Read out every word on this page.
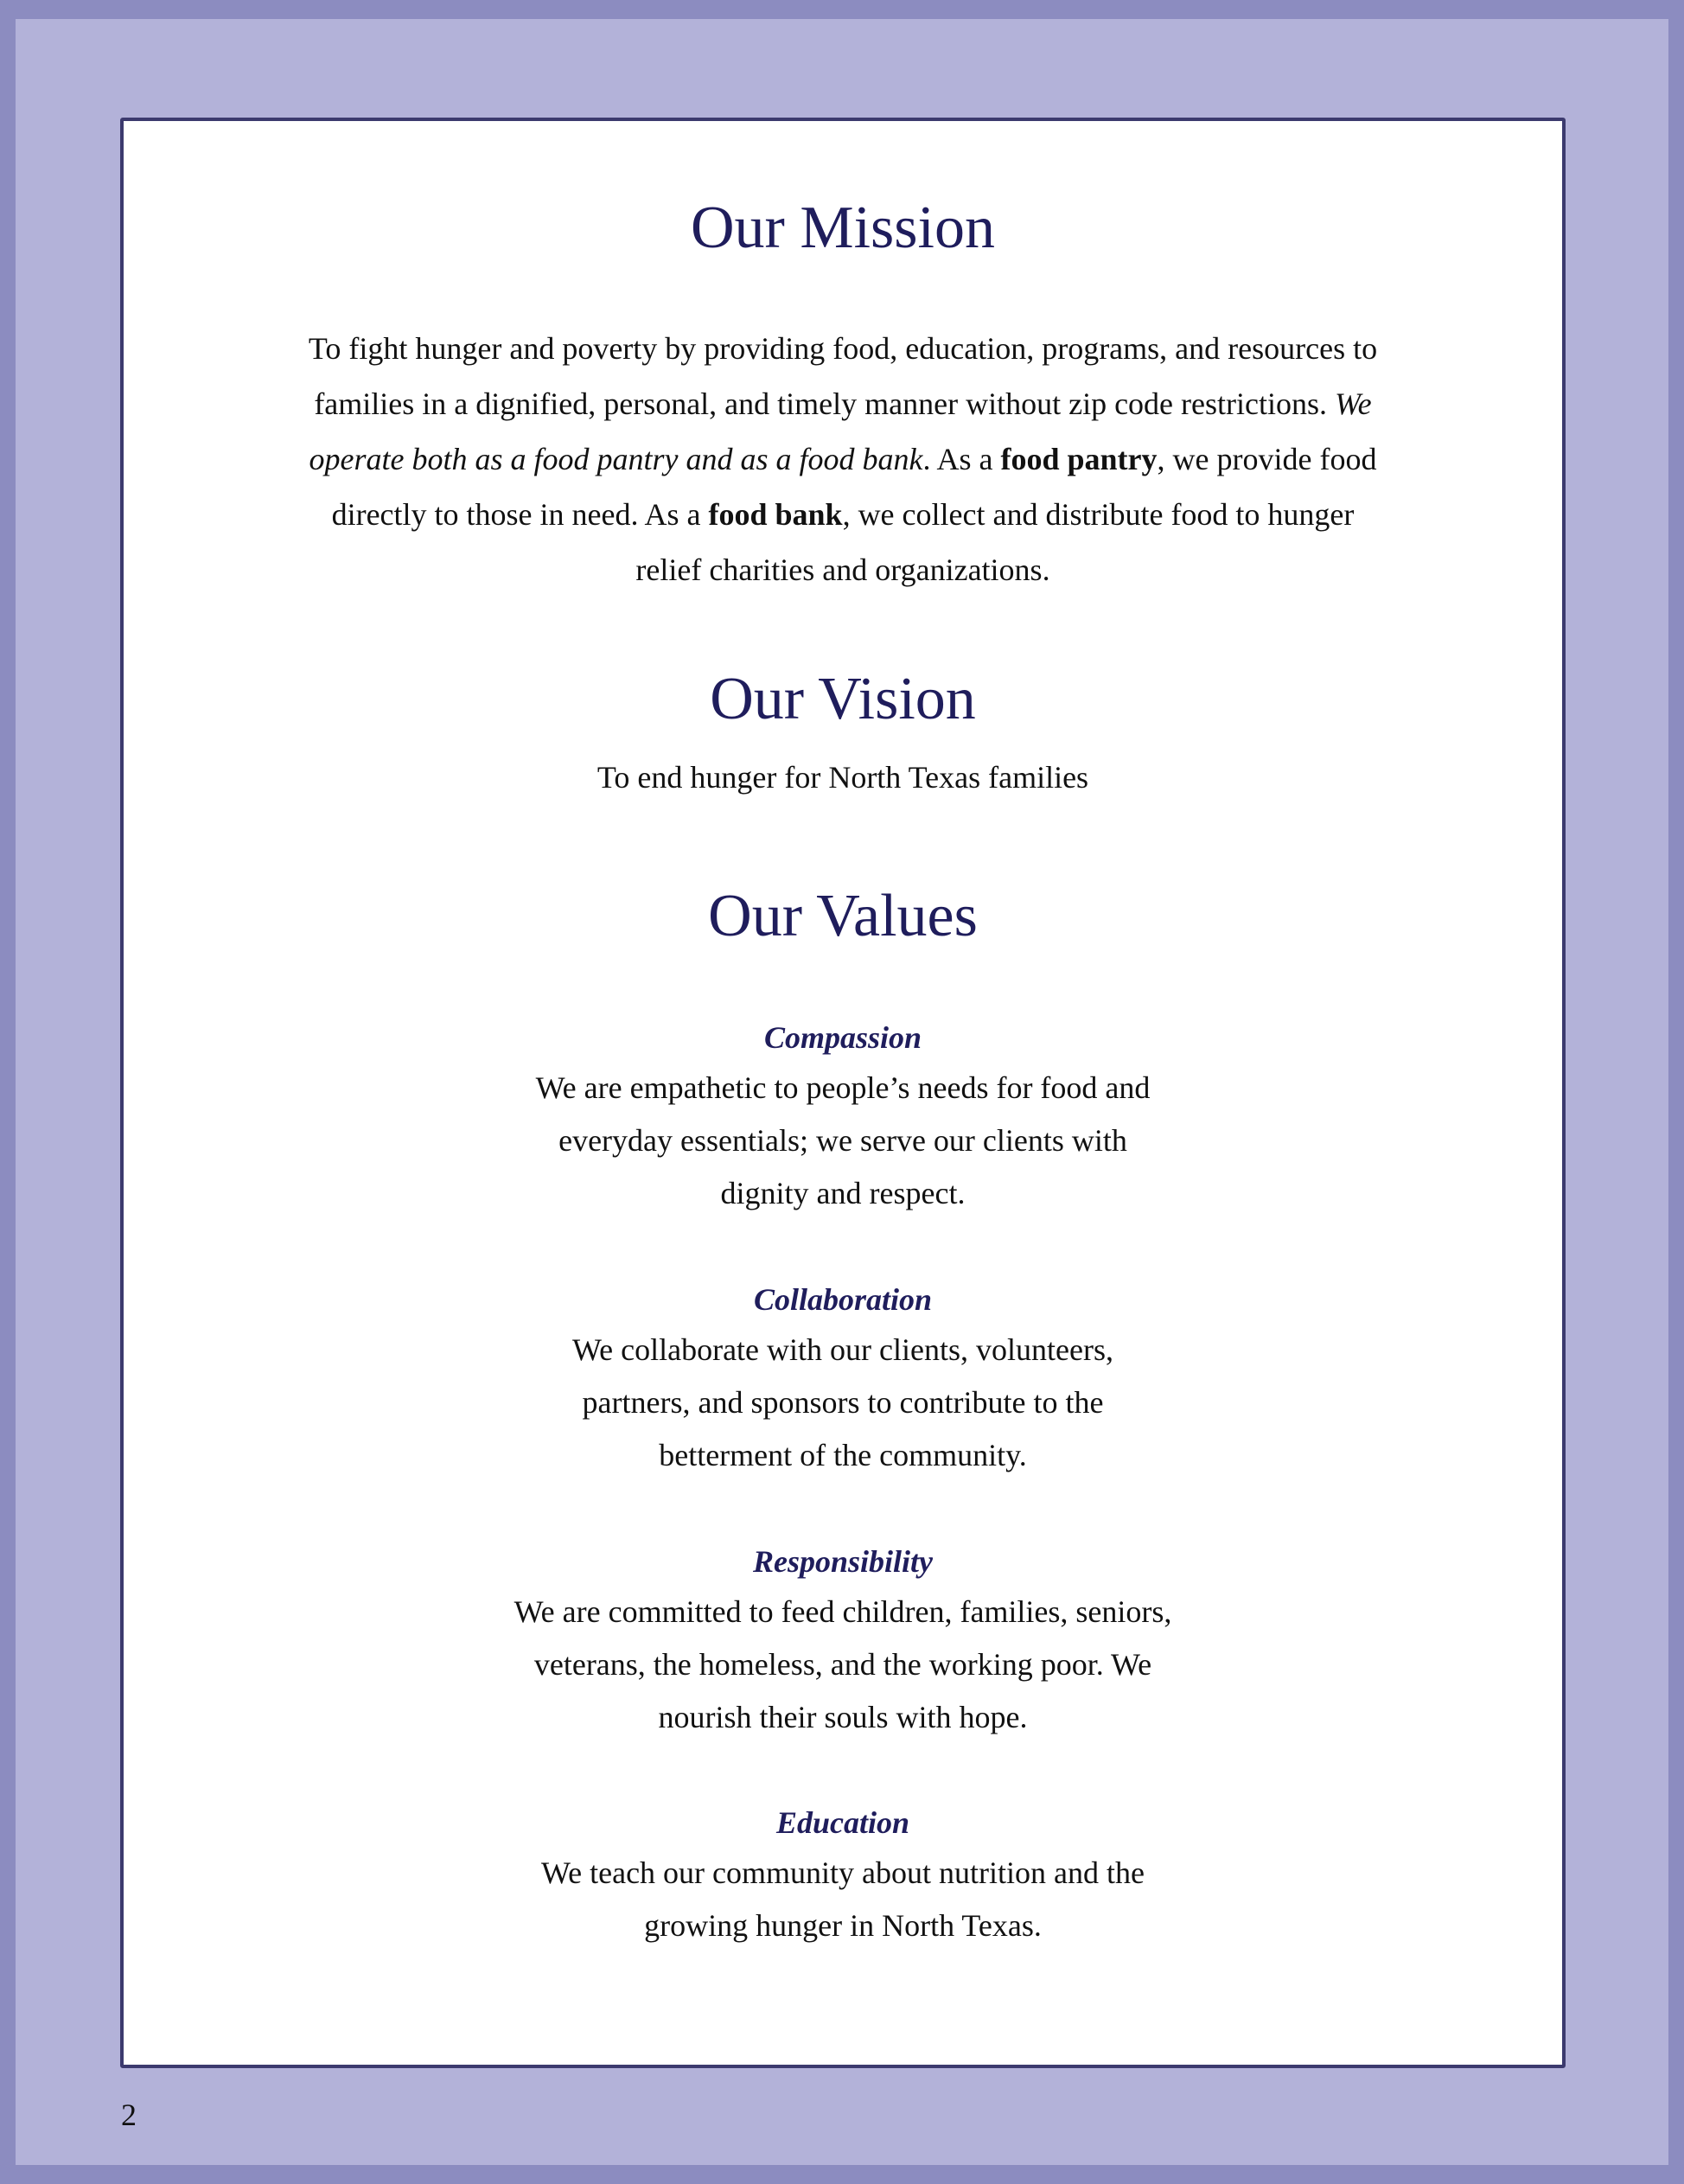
Our Mission

To fight hunger and poverty by providing food, education, programs, and resources to families in a dignified, personal, and timely manner without zip code restrictions. We operate both as a food pantry and as a food bank. As a food pantry, we provide food directly to those in need. As a food bank, we collect and distribute food to hunger relief charities and organizations.

Our Vision

To end hunger for North Texas families

Our Values

Compassion

We are empathetic to people’s needs for food and everyday essentials; we serve our clients with dignity and respect.

Collaboration

We collaborate with our clients, volunteers, partners, and sponsors to contribute to the betterment of the community.

Responsibility

We are committed to feed children, families, seniors, veterans, the homeless, and the working poor. We nourish their souls with hope.

Education

We teach our community about nutrition and the growing hunger in North Texas.

2
